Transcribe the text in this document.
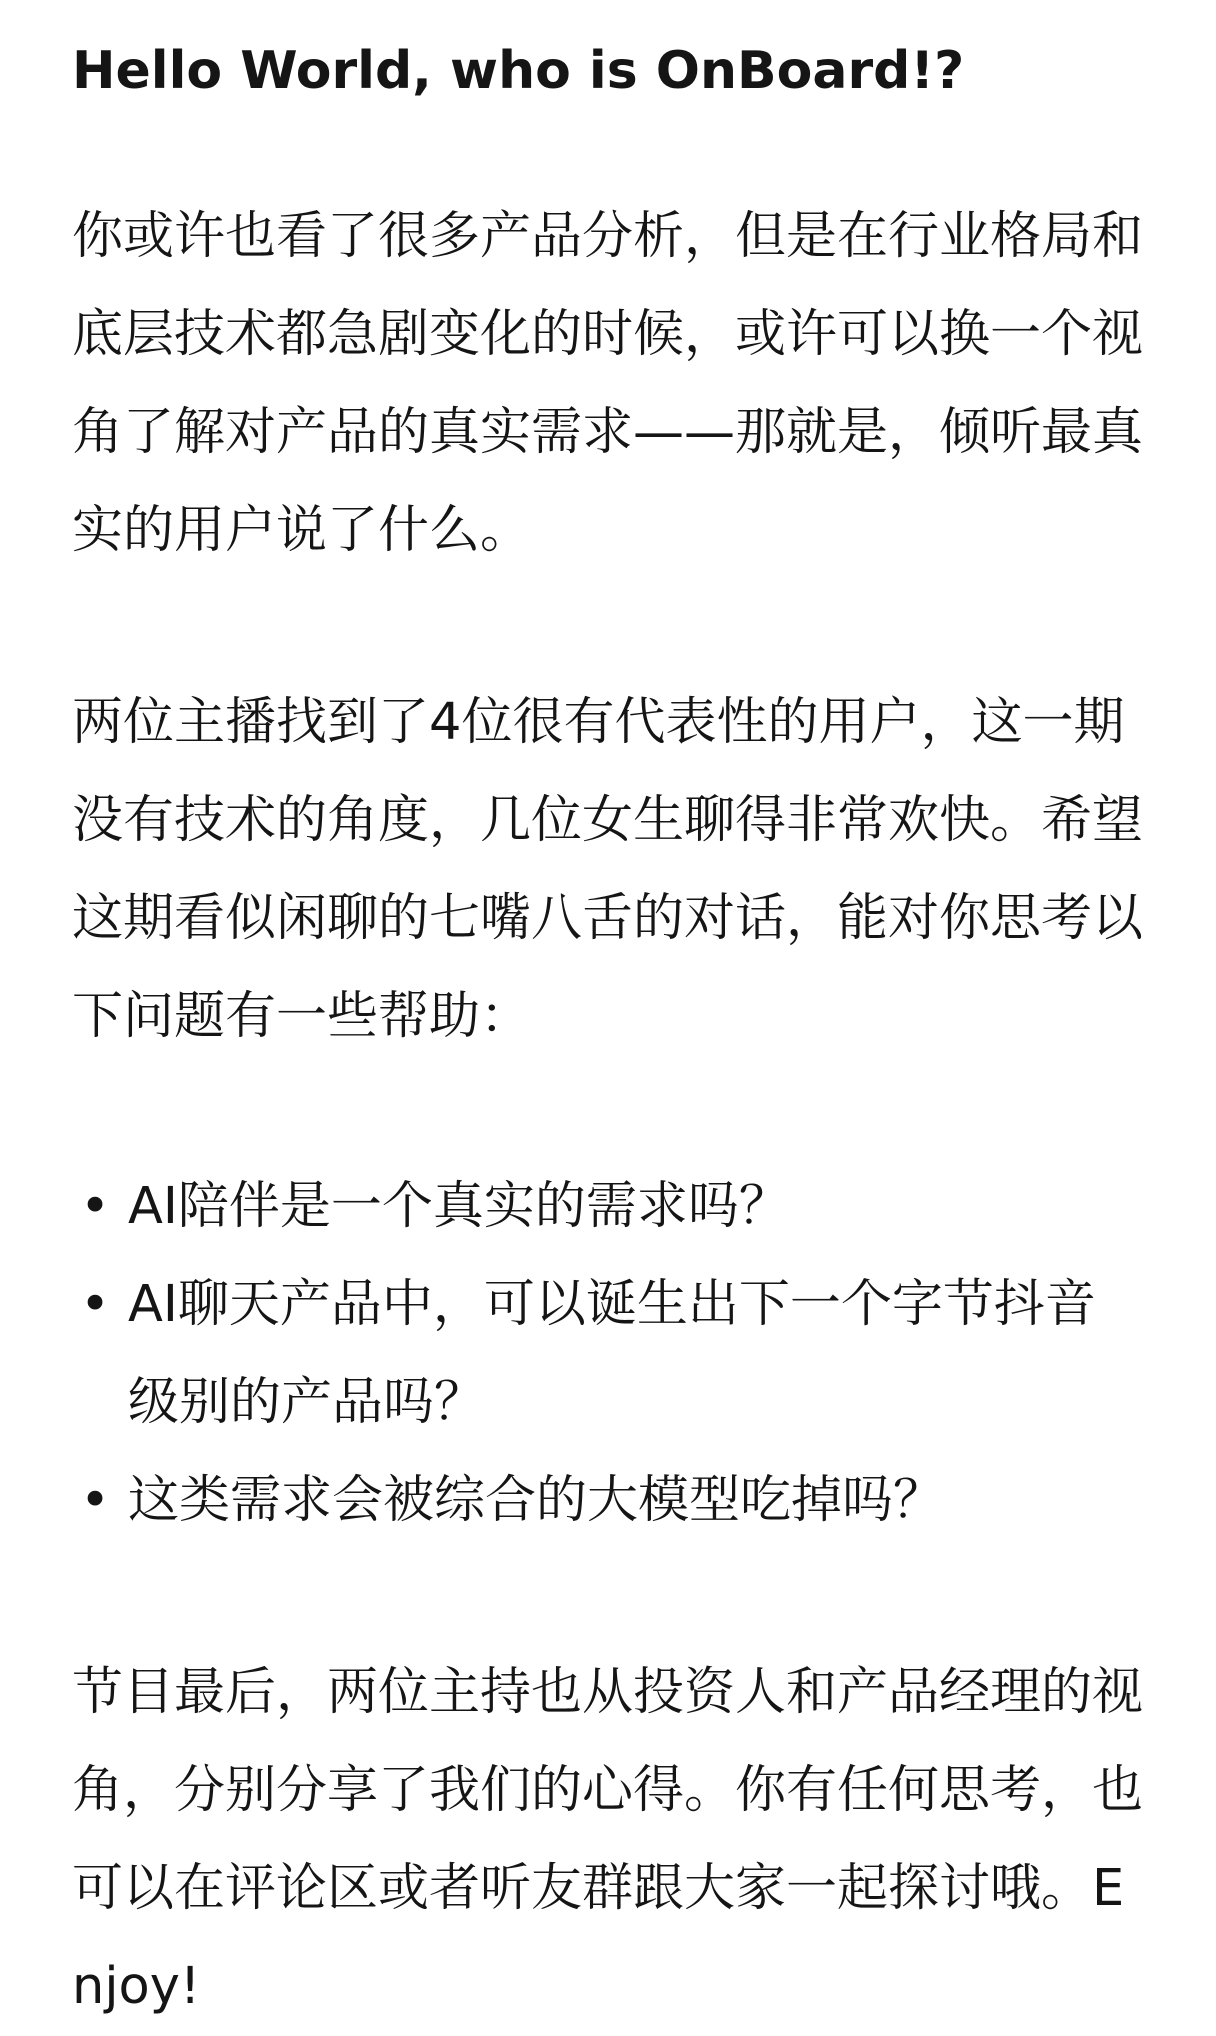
Hello World, who is OnBoard!?

你或许也看了很多产品分析，但是在行业格局和底层技术都急剧变化的时候，或许可以换一个视角了解对产品的真实需求——那就是，倾听最真实的用户说了什么。

两位主播找到了4位很有代表性的用户，这一期没有技术的角度，几位女生聊得非常欢快。希望这期看似闲聊的七嘴八舌的对话，能对你思考以下问题有一些帮助：

• AI陪伴是一个真实的需求吗？
• AI聊天产品中，可以诞生出下一个字节抖音级别的产品吗？
• 这类需求会被综合的大模型吃掉吗？

节目最后，两位主持也从投资人和产品经理的视角，分别分享了我们的心得。你有任何思考，也可以在评论区或者听友群跟大家一起探讨哦。Enjoy!
